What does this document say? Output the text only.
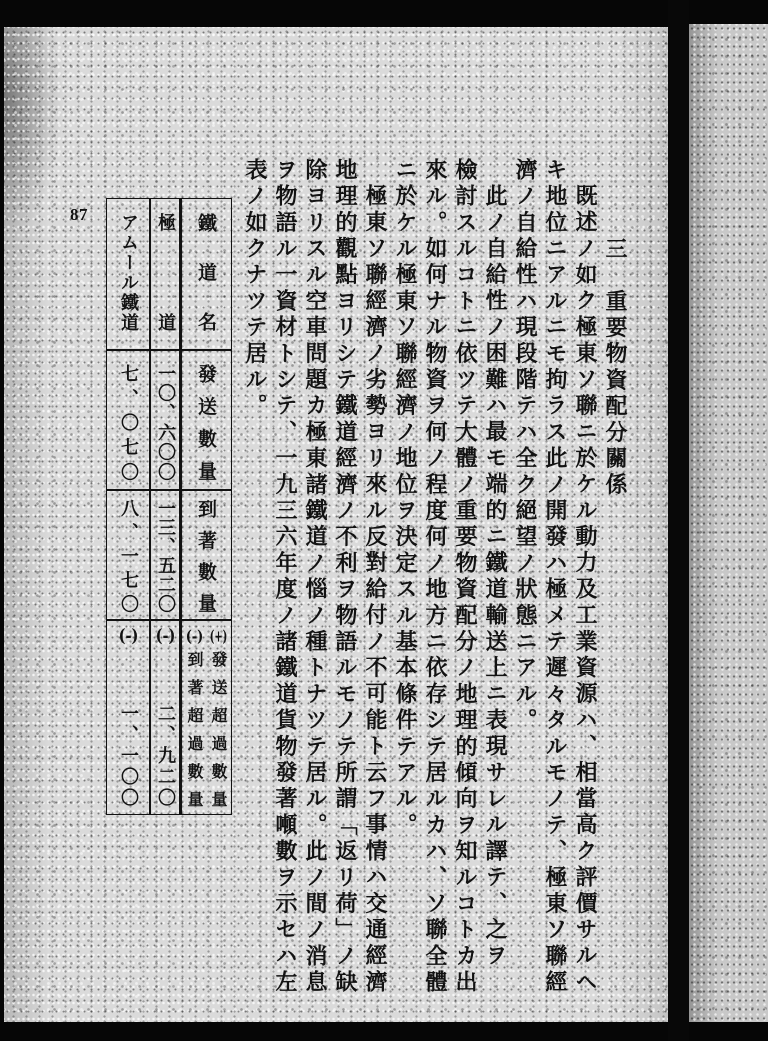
87
三　重要物資配分關係
既述ノ如ク極東ソ聯ニ於ケル動力及工業資源ハ、相當高ク評價サルヘ
キ地位ニアルニモ拘ラス此ノ開發ハ極メテ遲々タルモノテ、極東ソ聯經
濟ノ自給性ハ現段階テハ全ク絕望ノ狀態ニアル。
此ノ自給性ノ困難ハ最モ端的ニ鐵道輸送上ニ表現サレル譯テ、之ヲ
檢討スルコトニ依ツテ大體ノ重要物資配分ノ地理的傾向ヲ知ルコトカ出
來ル。如何ナル物資ヲ何ノ程度何ノ地方ニ依存シテ居ルカハ、ソ聯全體
ニ於ケル極東ソ聯經濟ノ地位ヲ決定スル基本條件テアル。
極東ソ聯經濟ノ劣勢ヨリ來ル反對給付ノ不可能ト云フ事情ハ交通經濟
地理的觀點ヨリシテ鐵道經濟ノ不利ヲ物語ルモノテ所謂「返リ荷」ノ缺
除ヨリスル空車問題カ極東諸鐵道ノ惱ノ種トナツテ居ル。此ノ間ノ消息
ヲ物語ル一資材トシテ、一九三六年度ノ諸鐵道貨物發著噸數ヲ示セハ左
表ノ如クナツテ居ル。
鐵道名
發送數量
到著數量
(+)
發送超過數量
(-)
到著超過數量
極道
一〇、六〇〇
一三、五二〇
(-)
二、九二〇
アムール鐵道
七、〇七〇
八、一七〇
(-)
一、一〇〇
